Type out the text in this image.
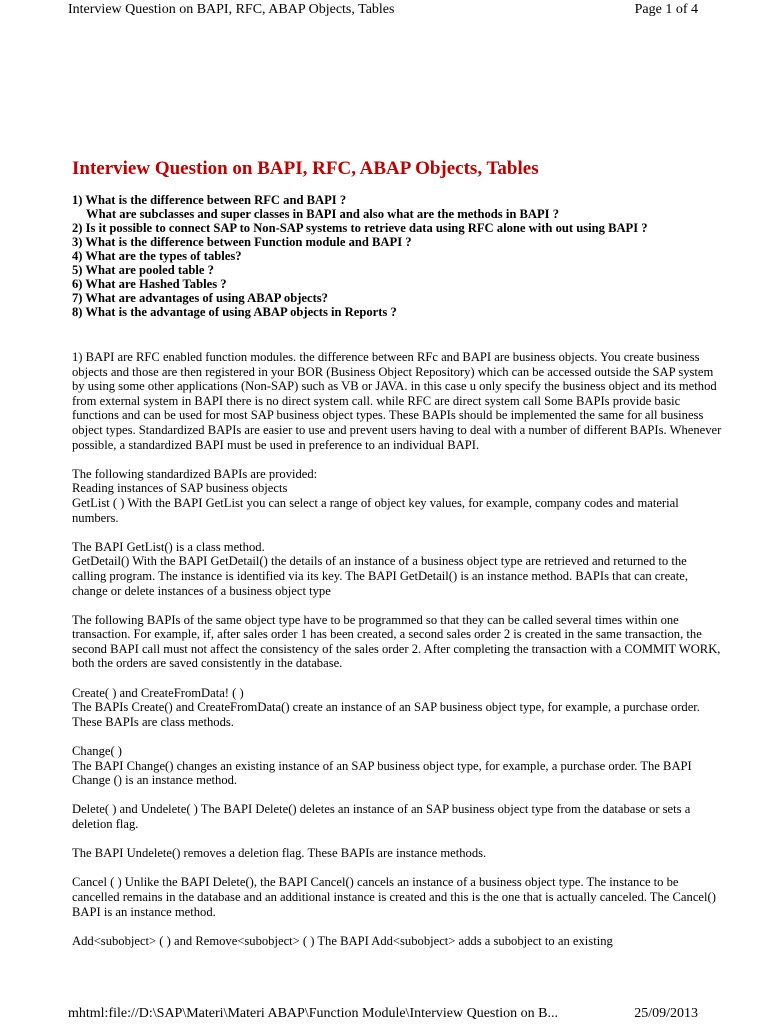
Interview Question on BAPI, RFC, ABAP Objects, Tables	Page 1 of 4
Interview Question on BAPI, RFC, ABAP Objects, Tables

1) What is the difference between RFC and BAPI ?

What are subclasses and super classes in BAPI and also what are the methods in BAPI ?

2) Is it possible to connect SAP to Non-SAP systems to retrieve data using RFC alone with out using BAPI ?

3) What is the difference between Function module and BAPI ?

4) What are the types of tables?

5) What are pooled table ?

6) What are Hashed Tables ?

7) What are advantages of using ABAP objects?

8) What is the advantage of using ABAP objects in Reports ?

1) BAPI are RFC enabled function modules. the difference between RFc and BAPI are business objects. You create business objects and those are then registered in your BOR (Business Object Repository) which can be accessed outside the SAP system by using some other applications (Non-SAP) such as VB or JAVA. in this case u only specify the business object and its method from external system in BAPI there is no direct system call. while RFC are direct system call Some BAPIs provide basic functions and can be used for most SAP business object types. These BAPIs should be implemented the same for all business object types. Standardized BAPIs are easier to use and prevent users having to deal with a number of different BAPIs. Whenever possible, a standardized BAPI must be used in preference to an individual BAPI.

The following standardized BAPIs are provided:

Reading instances of SAP business objects

GetList ( ) With the BAPI GetList you can select a range of object key values, for example, company codes and material numbers.

The BAPI GetList() is a class method.

GetDetail() With the BAPI GetDetail() the details of an instance of a business object type are retrieved and returned to the calling program. The instance is identified via its key. The BAPI GetDetail() is an instance method. BAPIs that can create, change or delete instances of a business object type

The following BAPIs of the same object type have to be programmed so that they can be called several times within one transaction. For example, if, after sales order 1 has been created, a second sales order 2 is created in the same transaction, the second BAPI call must not affect the consistency of the sales order 2. After completing the transaction with a COMMIT WORK, both the orders are saved consistently in the database.

Create( ) and CreateFromData! ( )

The BAPIs Create() and CreateFromData() create an instance of an SAP business object type, for example, a purchase order. These BAPIs are class methods.

Change( )

The BAPI Change() changes an existing instance of an SAP business object type, for example, a purchase order. The BAPI Change () is an instance method.

Delete( ) and Undelete( ) The BAPI Delete() deletes an instance of an SAP business object type from the database or sets a deletion flag.

The BAPI Undelete() removes a deletion flag. These BAPIs are instance methods.

Cancel ( ) Unlike the BAPI Delete(), the BAPI Cancel() cancels an instance of a business object type. The instance to be cancelled remains in the database and an additional instance is created and this is the one that is actually canceled. The Cancel() BAPI is an instance method.

Add<subobject> ( ) and Remove<subobject> ( ) The BAPI Add<subobject> adds a subobject to an existing

mhtml:file://D:\SAP\Materi\Materi ABAP\Function Module\Interview Question on B...	25/09/2013
